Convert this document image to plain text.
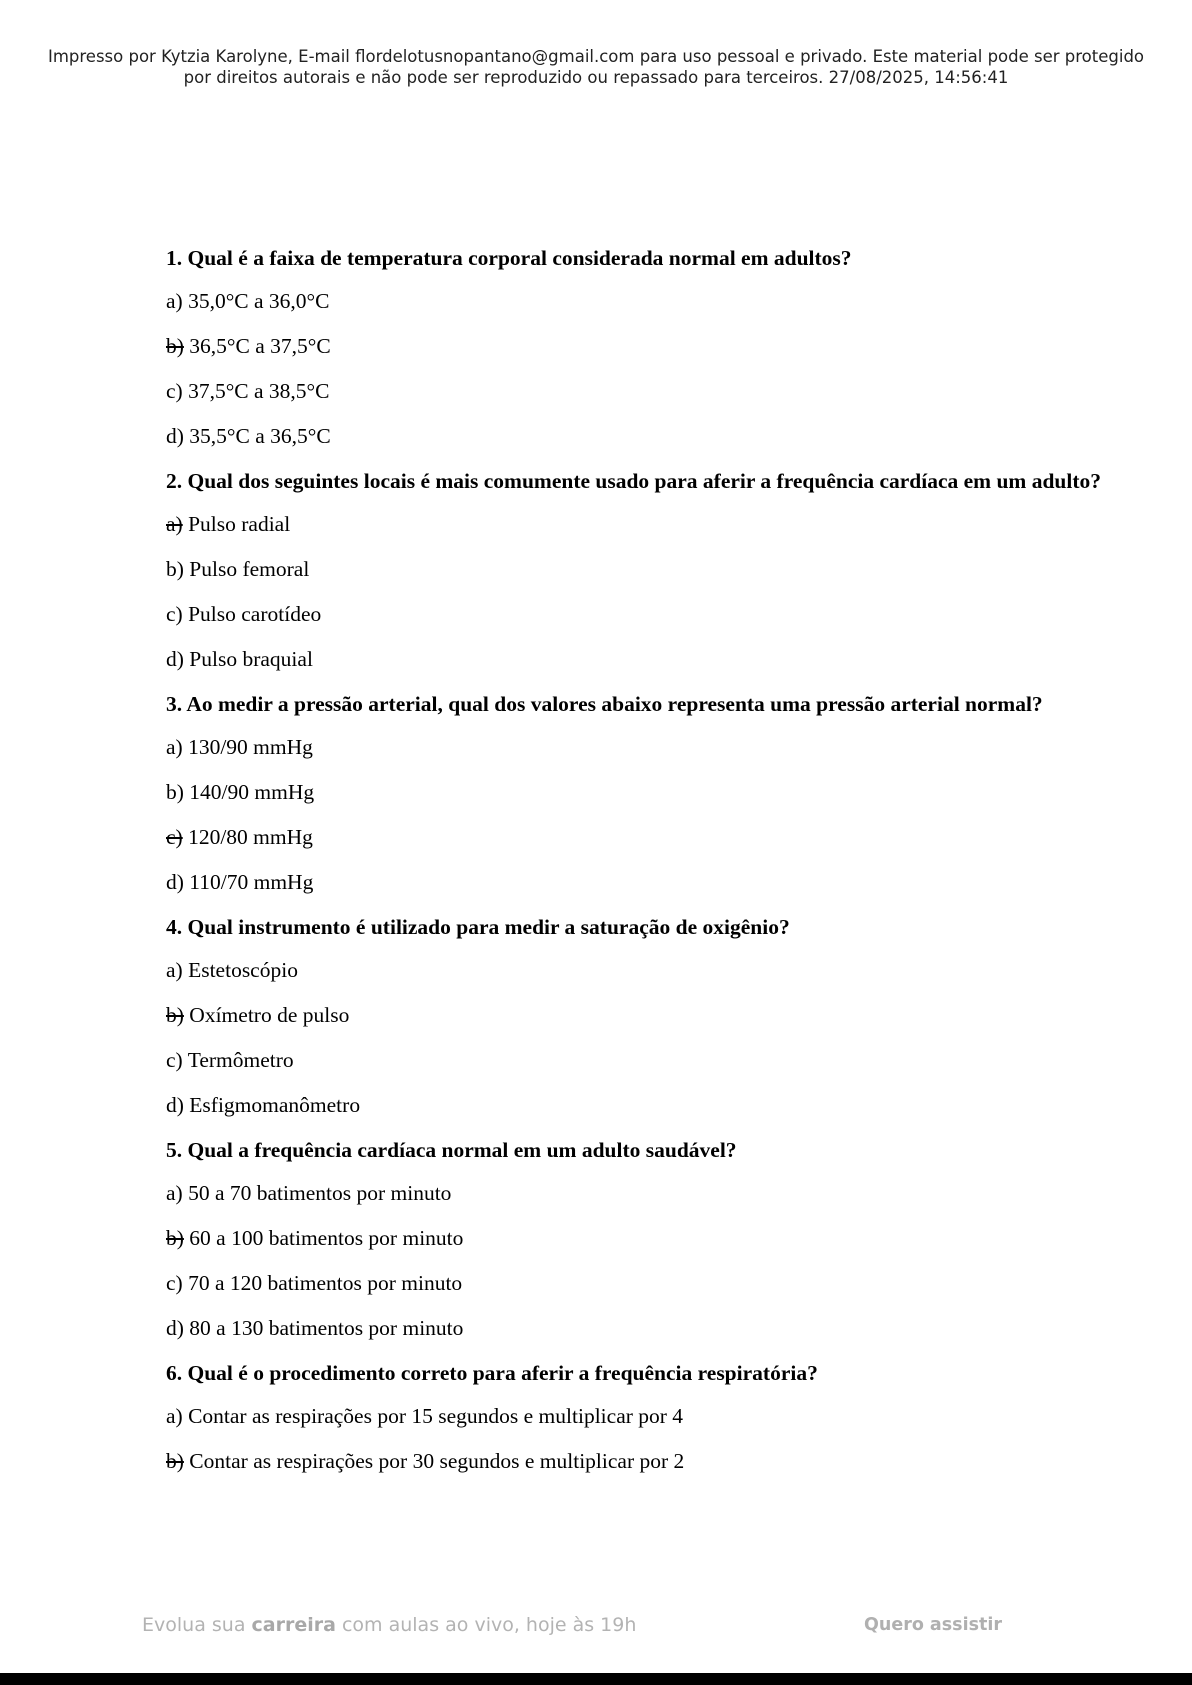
Impresso por Kytzia Karolyne, E-mail flordelotusnopantano@gmail.com para uso pessoal e privado. Este material pode ser protegido
por direitos autorais e não pode ser reproduzido ou repassado para terceiros. 27/08/2025, 14:56:41
1. Qual é a faixa de temperatura corporal considerada normal em adultos?
a) 35,0°C a 36,0°C
b) 36,5°C a 37,5°C
c) 37,5°C a 38,5°C
d) 35,5°C a 36,5°C
2. Qual dos seguintes locais é mais comumente usado para aferir a frequência cardíaca em um adulto?
a) Pulso radial
b) Pulso femoral
c) Pulso carotídeo
d) Pulso braquial
3. Ao medir a pressão arterial, qual dos valores abaixo representa uma pressão arterial normal?
a) 130/90 mmHg
b) 140/90 mmHg
c) 120/80 mmHg
d) 110/70 mmHg
4. Qual instrumento é utilizado para medir a saturação de oxigênio?
a) Estetoscópio
b) Oxímetro de pulso
c) Termômetro
d) Esfigmomanômetro
5. Qual a frequência cardíaca normal em um adulto saudável?
a) 50 a 70 batimentos por minuto
b) 60 a 100 batimentos por minuto
c) 70 a 120 batimentos por minuto
d) 80 a 130 batimentos por minuto
6. Qual é o procedimento correto para aferir a frequência respiratória?
a) Contar as respirações por 15 segundos e multiplicar por 4
b) Contar as respirações por 30 segundos e multiplicar por 2
Evolua sua carreira com aulas ao vivo, hoje às 19h	Quero assistir
